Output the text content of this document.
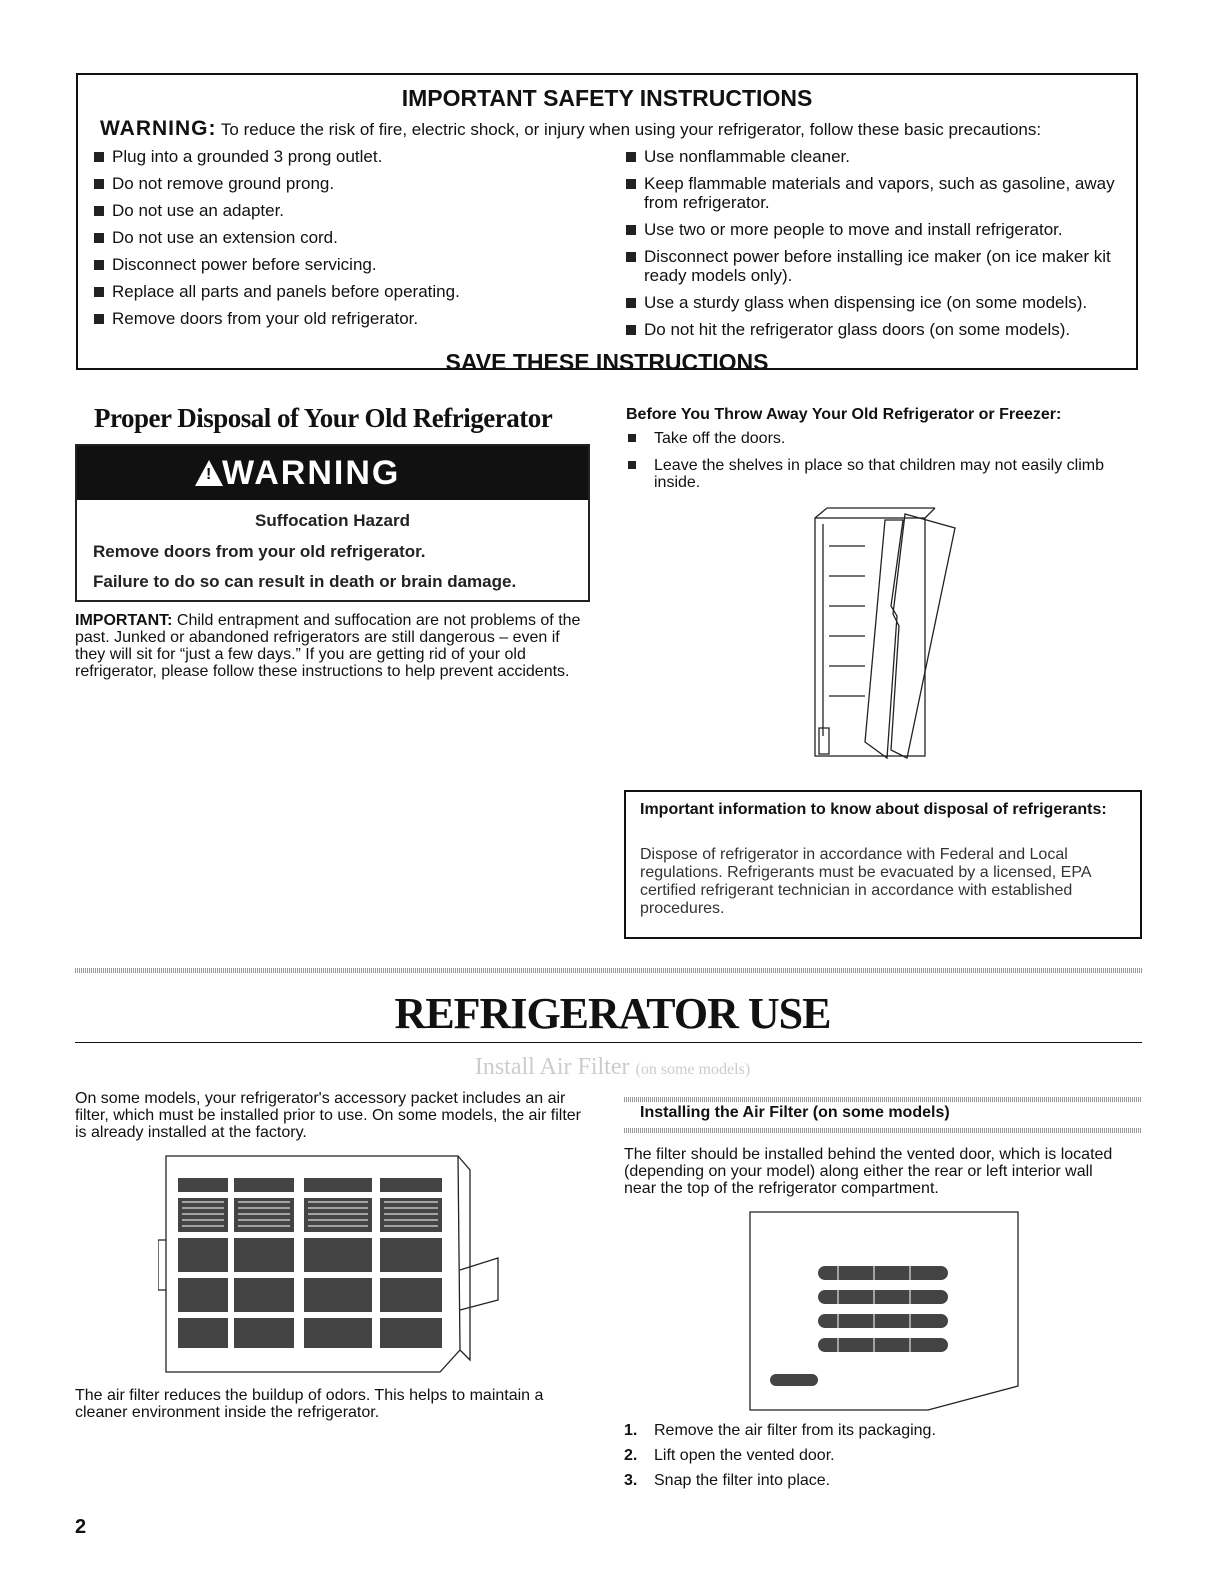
IMPORTANT SAFETY INSTRUCTIONS
WARNING: To reduce the risk of fire, electric shock, or injury when using your refrigerator, follow these basic precautions:
Plug into a grounded 3 prong outlet.
Do not remove ground prong.
Do not use an adapter.
Do not use an extension cord.
Disconnect power before servicing.
Replace all parts and panels before operating.
Remove doors from your old refrigerator.
Use nonflammable cleaner.
Keep flammable materials and vapors, such as gasoline, away from refrigerator.
Use two or more people to move and install refrigerator.
Disconnect power before installing ice maker (on ice maker kit ready models only).
Use a sturdy glass when dispensing ice (on some models).
Do not hit the refrigerator glass doors (on some models).
SAVE THESE INSTRUCTIONS
Proper Disposal of Your Old Refrigerator
!
WARNING
Suffocation Hazard
Remove doors from your old refrigerator.
Failure to do so can result in death or brain damage.
IMPORTANT: Child entrapment and suffocation are not problems of the past. Junked or abandoned refrigerators are still dangerous – even if they will sit for “just a few days.” If you are getting rid of your old refrigerator, please follow these instructions to help prevent accidents.
Before You Throw Away Your Old Refrigerator or Freezer:
Take off the doors.
Leave the shelves in place so that children may not easily climb inside.
Important information to know about disposal of refrigerants:
Dispose of refrigerator in accordance with Federal and Local regulations. Refrigerants must be evacuated by a licensed, EPA certified refrigerant technician in accordance with established procedures.
REFRIGERATOR USE
Install Air Filter (on some models)
On some models, your refrigerator's accessory packet includes an air filter, which must be installed prior to use. On some models, the air filter is already installed at the factory.
The air filter reduces the buildup of odors. This helps to maintain a cleaner environment inside the refrigerator.
Installing the Air Filter (on some models)
The filter should be installed behind the vented door, which is located (depending on your model) along either the rear or left interior wall near the top of the refrigerator compartment.
1. Remove the air filter from its packaging.
2. Lift open the vented door.
3. Snap the filter into place.
2
